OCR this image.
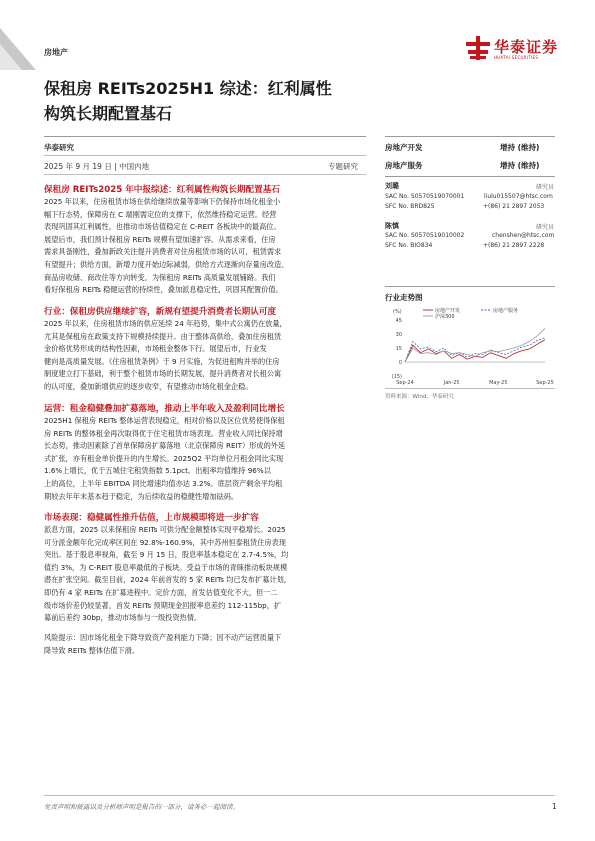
房地产	华泰证券
HUATAI SECURITIES
保租房 REITs2025H1 综述：红利属性
构筑长期配置基石
华泰研究
2025 年 9 月 19 日 | 中国内地	专题研究
房地产开发	增持 (维持)
房地产服务	增持 (维持)
刘璐	研究员
SAC No. S0570519070001	liulu015507@htsc.com
SFC No. BRD825	+(86) 21 2897 2053
陈慎	研究员
SAC No. S0570519010002	chenshen@htsc.com
SFC No. BIO834	+(86) 21 2897 2228
行业走势图
45
30
15
0
(15)
(%)
Sep-24	Jan-25	May-25	Sep-25
房地产开发	房地产服务
沪深300
资料来源：Wind，华泰研究
保租房 REITs2025 年中报综述：红利属性构筑长期配置基石
2025 年以来，住房租赁市场在供给继续放量等影响下仍保持市场化租金小
幅下行态势，保障房在 C 端刚需定位的支撑下，依然维持稳定运营。经营
表现巩固其红利属性，也推动市场估值稳定在 C-REIT 各板块中的最高位。
展望后市，我们预计保租房 REITs 规模有望加速扩容。从需求来看，住房
需求具备刚性，叠加新政关注提升消费者对住房租赁市场的认可，租赁需求
有望提升；供给方面，新增力度开始边际减弱，供给方式逐渐向存量房改造、
商品房收储、商改住等方向转变，为保租房 REITs 高质量发展铺路。我们
看好保租房 REITs 稳健运营的持续性，叠加派息稳定性，巩固其配置价值。
行业：保租房供应继续扩容，新规有望提升消费者长期认可度
2025 年以来，住房租赁市场的供应延续 24 年趋势，集中式公寓仍在放量，
尤其是保租房在政策支持下规模持续提升。由于整体高供给，叠加住房租赁
金价格优势形成的结构性因素，市场租金整体下行。展望后市，行业发
健向是高质量发展。《住房租赁条例》于 9 月实施，为促进租购并举的住房
制度建立打下基础，利于整个租赁市场的长期发展，提升消费者对长租公寓
的认可度，叠加新增供应的逐步收窄，有望推动市场化租金企稳。
运营：租金稳健叠加扩募落地，推动上半年收入及盈利同比增长
2025H1 保租房 REITs 整体运营表现稳定，相对价格以及区位优势使得保租
房 REITs 的整体租金再次取得优于住宅租赁市场表现。营业收入同比保持增
长态势，推动因素除了首单保障房扩募落地（北京保障房 REIT）形成的外延
式扩张，亦有租金单价提升的内生增长。2025Q2 平均单位月租金同比实现
1.6%上增长，优于五城住宅租赁指数 5.1pct。出租率均值维持 96%以
上的高位，上半年 EBITDA 同比增速均值亦达 3.2%。底层资产剩余平均租
期较去年年末基本趋于稳定，为后续收益的稳健性增加砝码。
市场表现：稳健属性推升估值，上市规模即将进一步扩容
派息方面，2025 以来保租房 REITs 可供分配金额整体实现平稳增长。2025
可分派金额年化完成率区间在 92.8%-160.9%，其中苏州恒泰租赁住房表现
突出。基于股息率视角，截至 9 月 15 日，股息率基本稳定在 2.7-4.5%，均
值约 3%，为 C-REIT 股息率最低的子板块。受益于市场的青睐推动板块规模
潜在扩张空间。截至目前，2024 年前首发的 5 家 REITs 均已发布扩募计划，
即仍有 4 家 REITs 在扩募进程中。定价方面，首发估值变化不大，但一二
级市场价差仍较显著，首发 REITs 预期现金回报率息差约 112-115bp，扩
募前后差约 30bp，推动市场参与一级投资热情。
风险提示：因市场化租金下降导致资产盈利能力下降；因不动产运营质量下
降导致 REITs 整体估值下滑。
免责声明和披露以及分析师声明是报告的一部分，请务必一起阅读。	1
